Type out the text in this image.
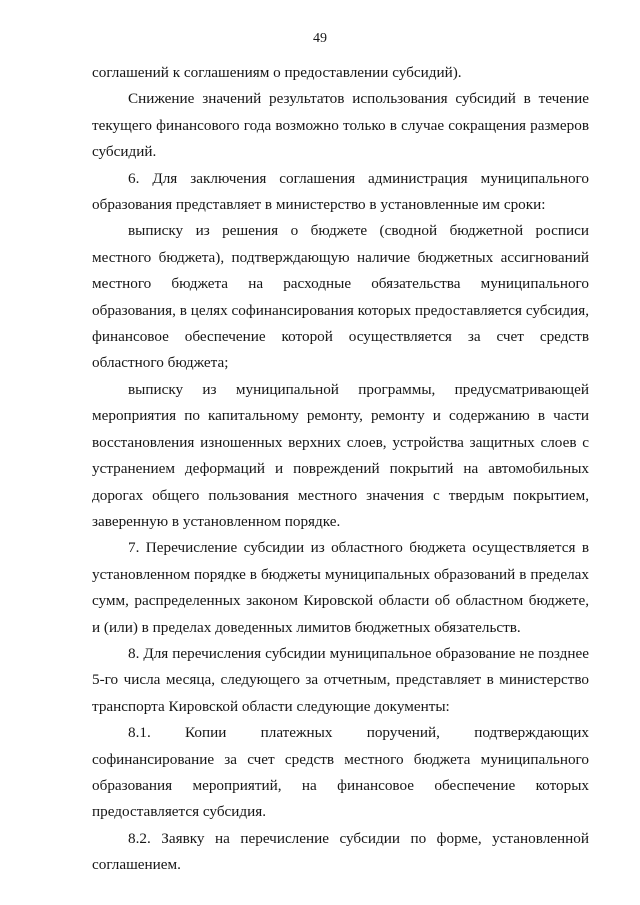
49

соглашений к соглашениям о предоставлении субсидий).

Снижение значений результатов использования субсидий в течение текущего финансового года возможно только в случае сокращения размеров субсидий.

6. Для заключения соглашения администрация муниципального образования представляет в министерство в установленные им сроки:

выписку из решения о бюджете (сводной бюджетной росписи местного бюджета), подтверждающую наличие бюджетных ассигнований местного бюджета на расходные обязательства муниципального образования, в целях софинансирования которых предоставляется субсидия, финансовое обеспечение которой осуществляется за счет средств областного бюджета;

выписку из муниципальной программы, предусматривающей мероприятия по капитальному ремонту, ремонту и содержанию в части восстановления изношенных верхних слоев, устройства защитных слоев с устранением деформаций и повреждений покрытий на автомобильных дорогах общего пользования местного значения с твердым покрытием, заверенную в установленном порядке.

7. Перечисление субсидии из областного бюджета осуществляется в установленном порядке в бюджеты муниципальных образований в пределах сумм, распределенных законом Кировской области об областном бюджете, и (или) в пределах доведенных лимитов бюджетных обязательств.

8. Для перечисления субсидии муниципальное образование не позднее 5-го числа месяца, следующего за отчетным, представляет в министерство транспорта Кировской области следующие документы:

8.1. Копии платежных поручений, подтверждающих софинансирование за счет средств местного бюджета муниципального образования мероприятий, на финансовое обеспечение которых предоставляется субсидия.

8.2. Заявку на перечисление субсидии по форме, установленной соглашением.
